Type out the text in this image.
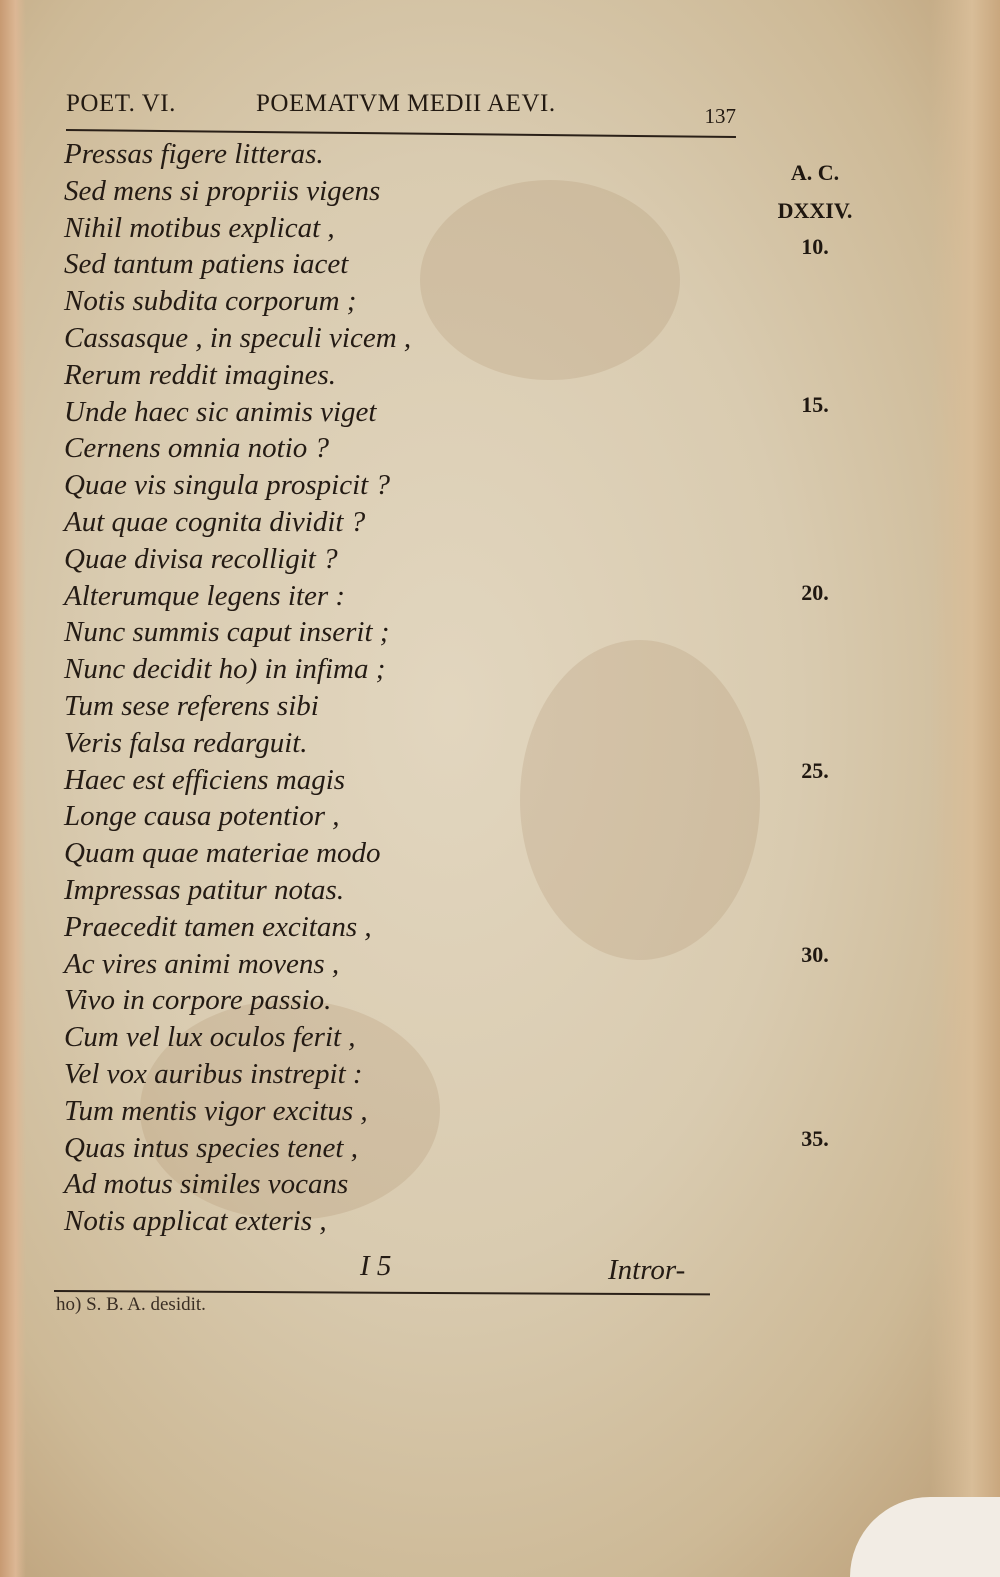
POET. VI.	POEMATVM MEDII AEVI.	137
Pressas figere litteras.
Sed mens si propriis vigens
Nihil motibus explicat ,
Sed tantum patiens iacet
Notis subdita corporum ;
Cassasque , in speculi vicem ,
Rerum reddit imagines.
Unde haec sic animis viget
Cernens omnia notio ?
Quae vis singula prospicit ?
Aut quae cognita dividit ?
Quae divisa recolligit ?
Alterumque legens iter :
Nunc summis caput inserit ;
Nunc decidit ho) in infima ;
Tum sese referens sibi
Veris falsa redarguit.
Haec est efficiens magis
Longe causa potentior ,
Quam quae materiae modo
Impressas patitur notas.
Praecedit tamen excitans ,
Ac vires animi movens ,
Vivo in corpore passio.
Cum vel lux oculos ferit ,
Vel vox auribus instrepit :
Tum mentis vigor excitus ,
Quas intus species tenet ,
Ad motus similes vocans
Notis applicat exteris ,
A. C.
DXXIV.
10.
15.
20.
25.
30.
35.
I 5	Intror-
ho) S. B. A. desidit.
